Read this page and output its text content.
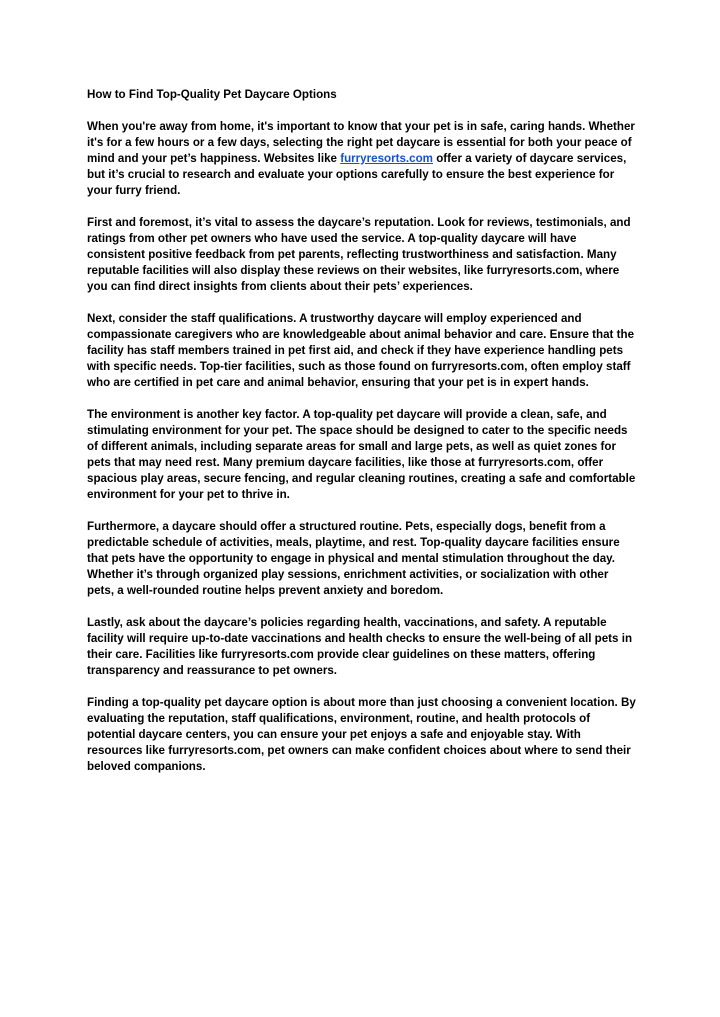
How to Find Top-Quality Pet Daycare Options
When you're away from home, it's important to know that your pet is in safe, caring hands. Whether it's for a few hours or a few days, selecting the right pet daycare is essential for both your peace of mind and your pet’s happiness. Websites like furryresorts.com offer a variety of daycare services, but it’s crucial to research and evaluate your options carefully to ensure the best experience for your furry friend.
First and foremost, it’s vital to assess the daycare’s reputation. Look for reviews, testimonials, and ratings from other pet owners who have used the service. A top-quality daycare will have consistent positive feedback from pet parents, reflecting trustworthiness and satisfaction. Many reputable facilities will also display these reviews on their websites, like furryresorts.com, where you can find direct insights from clients about their pets’ experiences.
Next, consider the staff qualifications. A trustworthy daycare will employ experienced and compassionate caregivers who are knowledgeable about animal behavior and care. Ensure that the facility has staff members trained in pet first aid, and check if they have experience handling pets with specific needs. Top-tier facilities, such as those found on furryresorts.com, often employ staff who are certified in pet care and animal behavior, ensuring that your pet is in expert hands.
The environment is another key factor. A top-quality pet daycare will provide a clean, safe, and stimulating environment for your pet. The space should be designed to cater to the specific needs of different animals, including separate areas for small and large pets, as well as quiet zones for pets that may need rest. Many premium daycare facilities, like those at furryresorts.com, offer spacious play areas, secure fencing, and regular cleaning routines, creating a safe and comfortable environment for your pet to thrive in.
Furthermore, a daycare should offer a structured routine. Pets, especially dogs, benefit from a predictable schedule of activities, meals, playtime, and rest. Top-quality daycare facilities ensure that pets have the opportunity to engage in physical and mental stimulation throughout the day. Whether it’s through organized play sessions, enrichment activities, or socialization with other pets, a well-rounded routine helps prevent anxiety and boredom.
Lastly, ask about the daycare’s policies regarding health, vaccinations, and safety. A reputable facility will require up-to-date vaccinations and health checks to ensure the well-being of all pets in their care. Facilities like furryresorts.com provide clear guidelines on these matters, offering transparency and reassurance to pet owners.
Finding a top-quality pet daycare option is about more than just choosing a convenient location. By evaluating the reputation, staff qualifications, environment, routine, and health protocols of potential daycare centers, you can ensure your pet enjoys a safe and enjoyable stay. With resources like furryresorts.com, pet owners can make confident choices about where to send their beloved companions.
